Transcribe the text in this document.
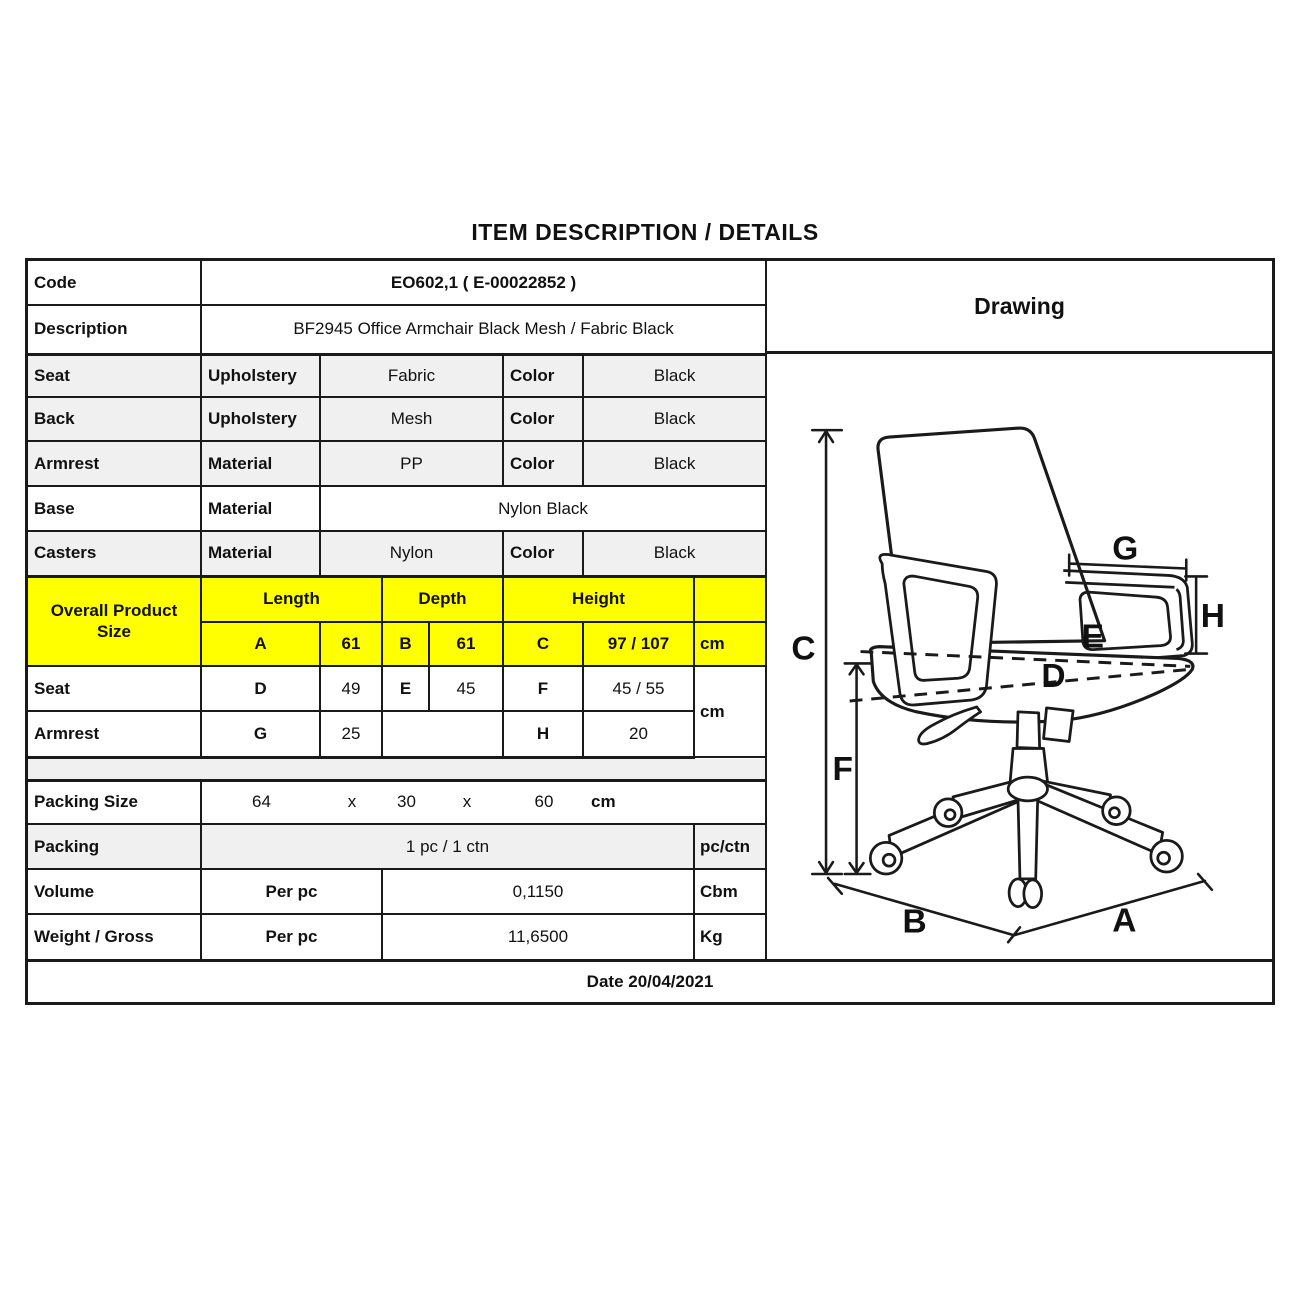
ITEM DESCRIPTION / DETAILS
Code	EO602,1 ( E-00022852 )						
Description	BF2945 Office Armchair Black Mesh / Fabric Black						
Seat	Upholstery	Fabric			Color	Black	
Back	Upholstery	Mesh			Color	Black	
Armrest	Material	PP			Color	Black	
Base	Material	Nylon Black					
Casters	Material	Nylon			Color	Black	
Overall Product Size	Length		Depth		Height		
	A	61	B	61	C	97 / 107	cm
Seat	D	49	E	45	F	45 / 55	cm
Armrest	G	25			H	20	

Packing Size	64	x	30	x	60	cm

Packing	1 pc / 1 ctn						pc/ctn
Volume	Per pc		0,1150				Cbm
Weight / Gross	Per pc		11,6500				Kg
Drawing
C
F
G
H
E
D
B	A
Date 20/04/2021
